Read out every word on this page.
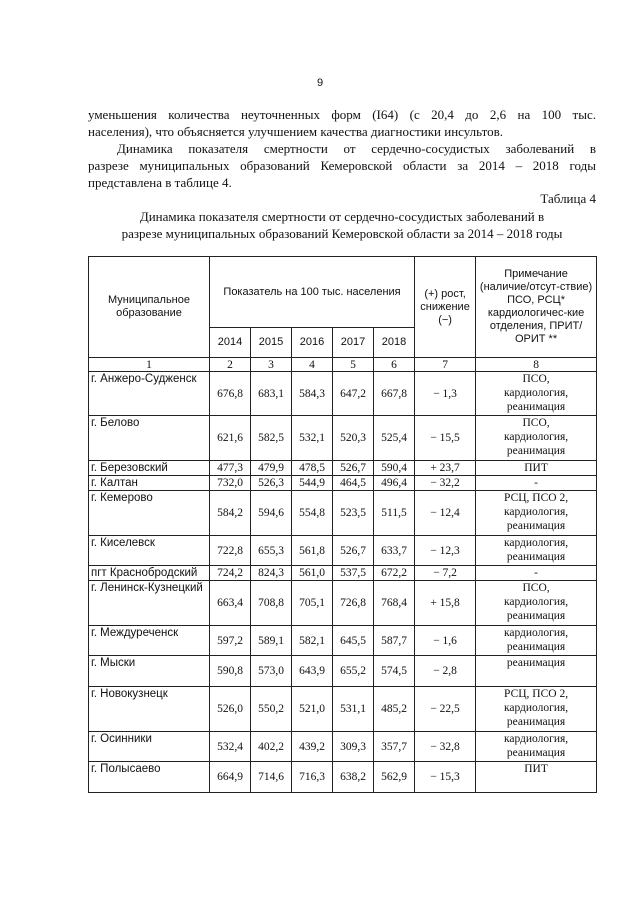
9
уменьшения количества неуточненных форм (I64) (с 20,4 до 2,6 на 100 тыс.
населения), что объясняется улучшением качества диагностики инсультов.
Динамика показателя смертности от сердечно-сосудистых заболеваний в
разрезе муниципальных образований Кемеровской области за 2014 – 2018 годы
представлена в таблице 4.
Таблица 4
Динамика показателя смертности от сердечно-сосудистых заболеваний в
разрезе муниципальных образований Кемеровской области за 2014 – 2018 годы
Муниципальное образование	Показатель на 100 тыс. населения					(+) рост, снижение (−)	Примечание (наличие/отсут-ствие) ПСО, РСЦ* кардиологичес-кие отделения, ПРИТ/ОРИТ **
	2014	2015	2016	2017	2018		
1	2	3	4	5	6	7	8
г. Анжеро-Судженск	676,8	683,1	584,3	647,2	667,8	− 1,3	ПСО,
кардиология,
реанимация

г. Белово	621,6	582,5	532,1	520,3	525,4	− 15,5	ПСО,
кардиология,
реанимация

г. Березовский	477,3	479,9	478,5	526,7	590,4	+ 23,7	ПИТ

г. Калтан	732,0	526,3	544,9	464,5	496,4	− 32,2	-

г. Кемерово	584,2	594,6	554,8	523,5	511,5	− 12,4	РСЦ, ПСО 2,
кардиология,
реанимация

г. Киселевск	722,8	655,3	561,8	526,7	633,7	− 12,3	кардиология,
реанимация

пгт Краснобродский	724,2	824,3	561,0	537,5	672,2	− 7,2	-

г. Ленинск-Кузнецкий	663,4	708,8	705,1	726,8	768,4	+ 15,8	ПСО,
кардиология,
реанимация

г. Междуреченск	597,2	589,1	582,1	645,5	587,7	− 1,6	кардиология,
реанимация

г. Мыски	590,8	573,0	643,9	655,2	574,5	− 2,8	реанимация

г. Новокузнецк	526,0	550,2	521,0	531,1	485,2	− 22,5	РСЦ, ПСО 2,
кардиология,
реанимация

г. Осинники	532,4	402,2	439,2	309,3	357,7	− 32,8	кардиология,
реанимация

г. Полысаево	664,9	714,6	716,3	638,2	562,9	− 15,3	ПИТ
